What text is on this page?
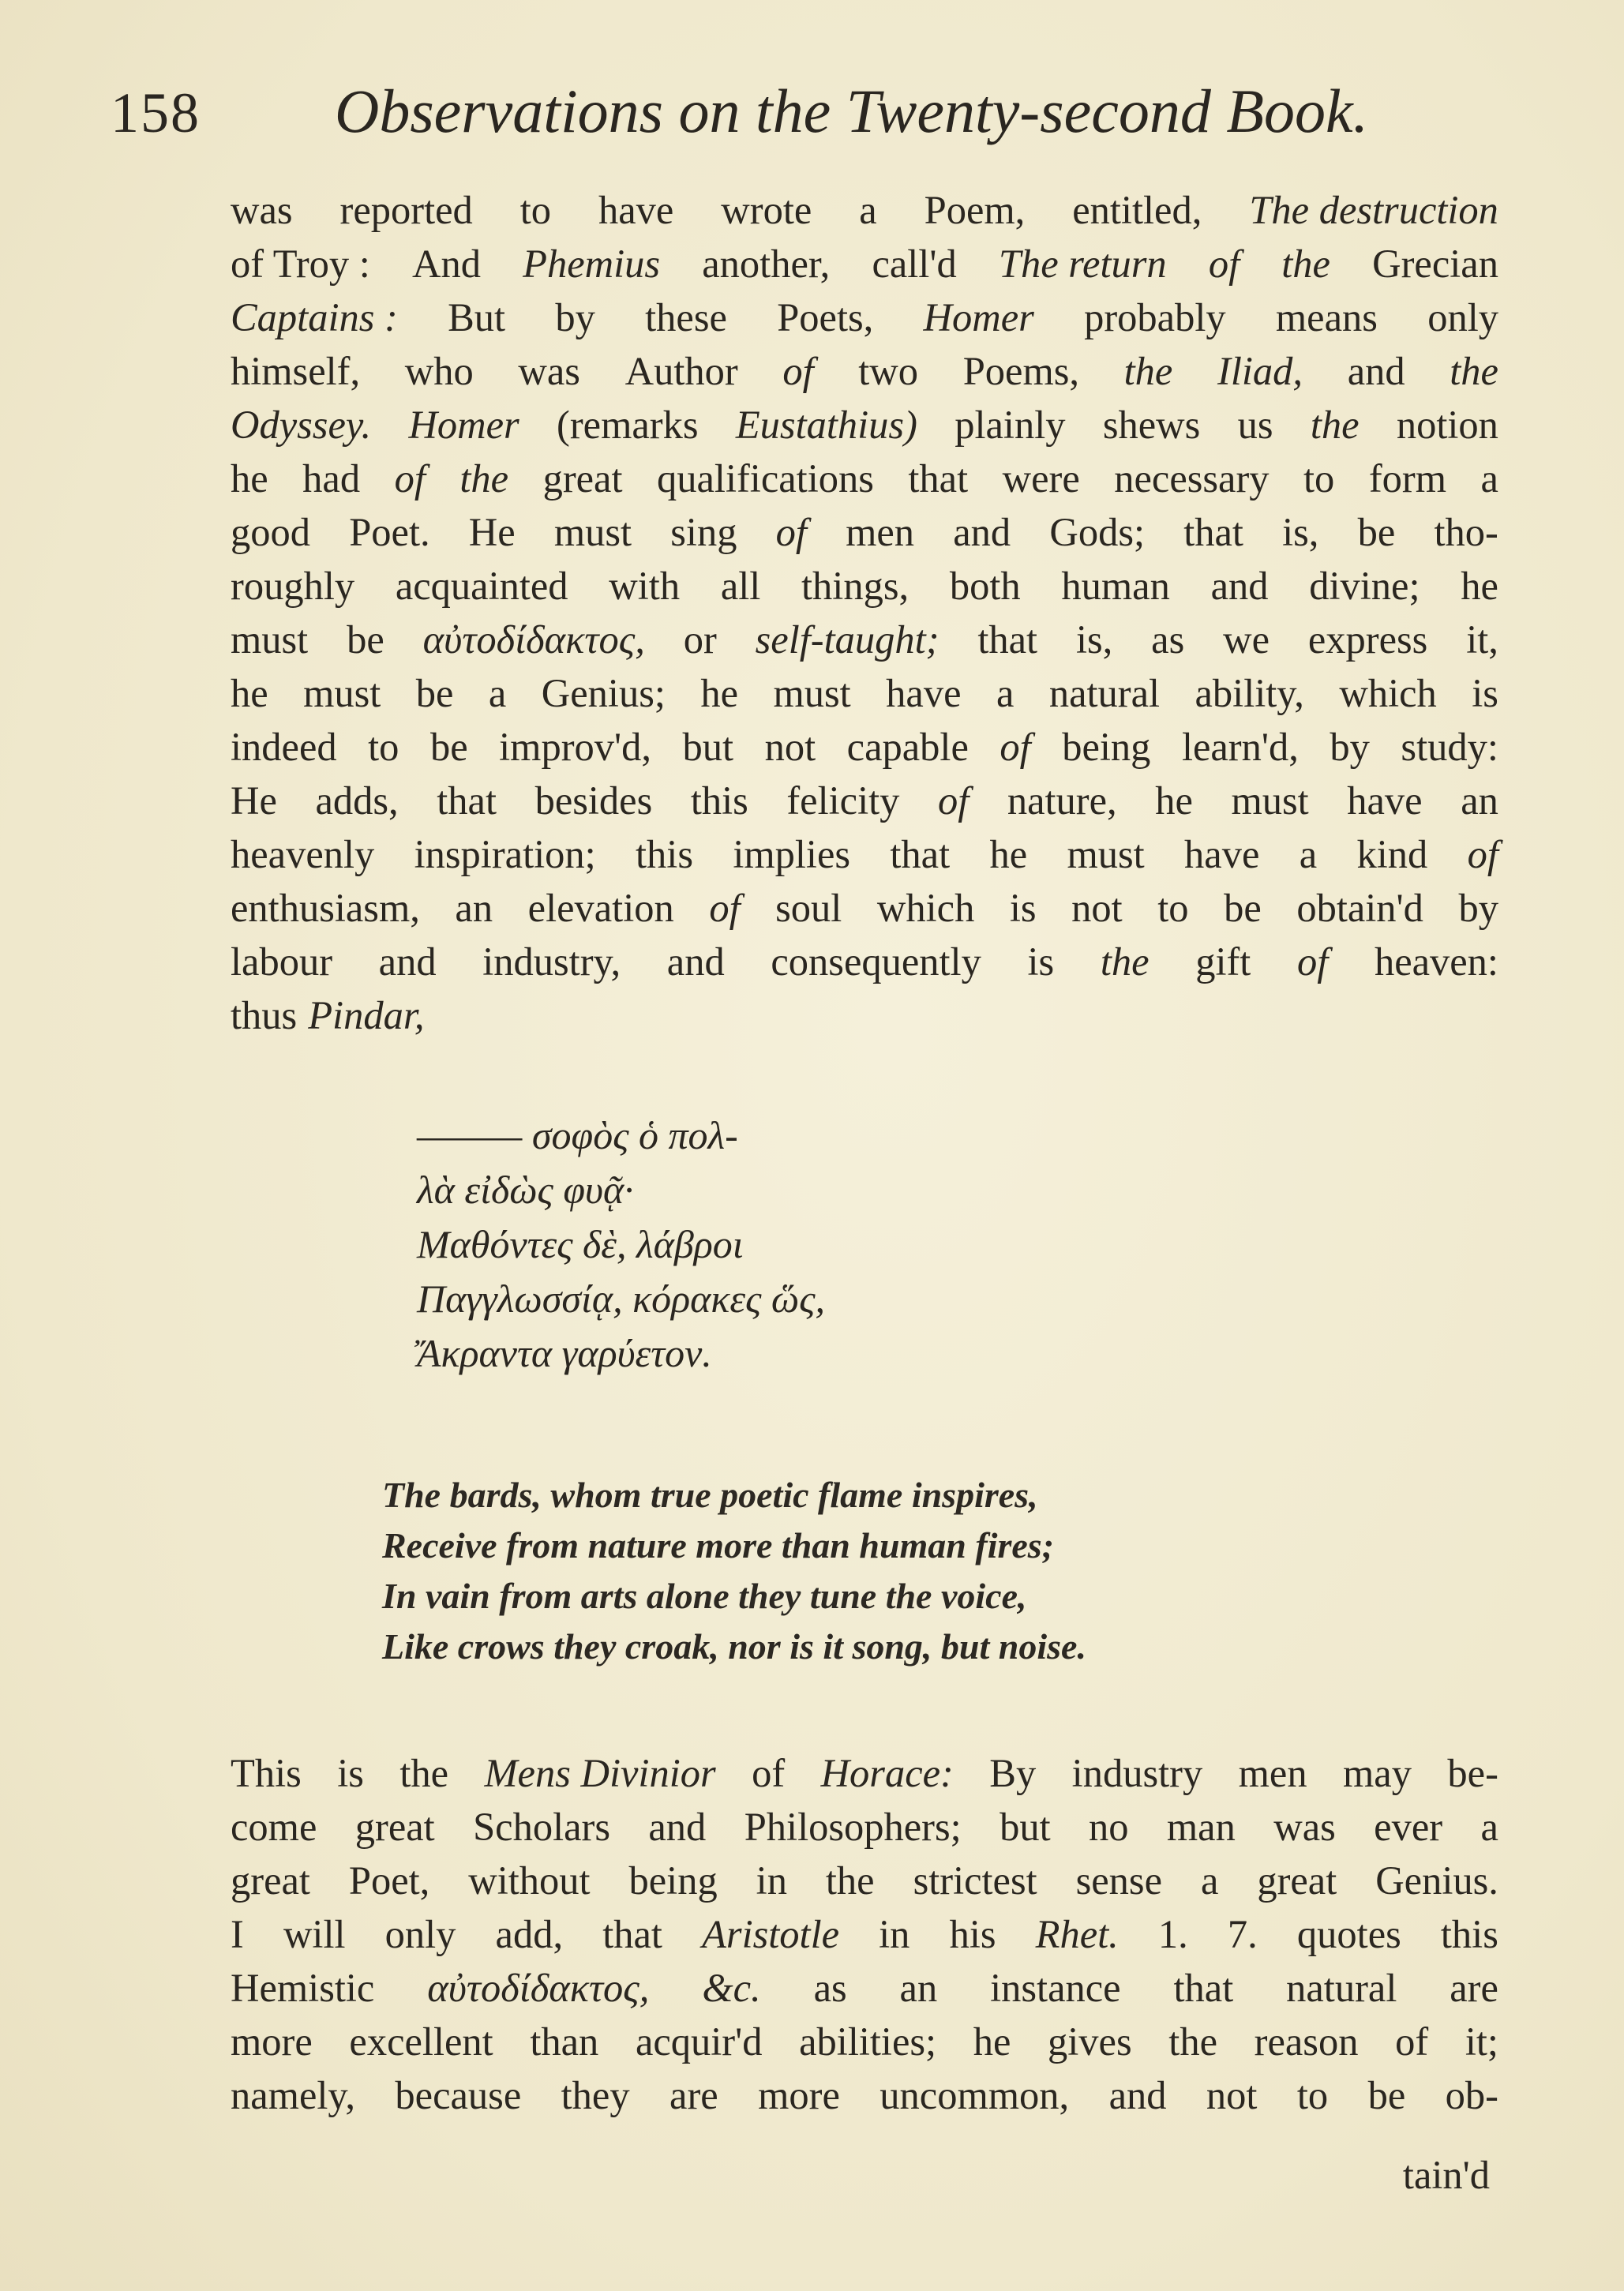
158 Observations on the Twenty-second Book.
was reported to have wrote a Poem, entitled, The destruction
of Troy : And Phemius another, call'd The return of the Grecian
Captains : But by these Poets, Homer probably means only
himself, who was Author of two Poems, the Iliad, and the
Odyssey. Homer (remarks Eustathius) plainly shews us the notion
he had of the great qualifications that were necessary to form a
good Poet. He must sing of men and Gods; that is, be tho-
roughly acquainted with all things, both human and divine; he
must be αὐτοδίδακτος, or self-taught; that is, as we express it,
he must be a Genius; he must have a natural ability, which is
indeed to be improv'd, but not capable of being learn'd, by study:
He adds, that besides this felicity of nature, he must have an
heavenly inspiration; this implies that he must have a kind of
enthusiasm, an elevation of soul which is not to be obtain'd by
labour and industry, and consequently is the gift of heaven:
thus Pindar,
——— σοφὸς ὁ πολ-
λὰ εἰδὼς φυᾷ·
Μαθόντες δὲ, λάβροι
Παγγλωσσίᾳ, κόρακες ὥς,
Ἄκραντα γαρύετον.
The bards, whom true poetic flame inspires,
Receive from nature more than human fires;
In vain from arts alone they tune the voice,
Like crows they croak, nor is it song, but noise.
This is the Mens Divinior of Horace: By industry men may be-
come great Scholars and Philosophers; but no man was ever a
great Poet, without being in the strictest sense a great Genius.
I will only add, that Aristotle in his Rhet. 1. 7. quotes this
Hemistic αὐτοδίδακτος, &c. as an instance that natural are
more excellent than acquir'd abilities; he gives the reason of it;
namely, because they are more uncommon, and not to be ob-
tain'd
